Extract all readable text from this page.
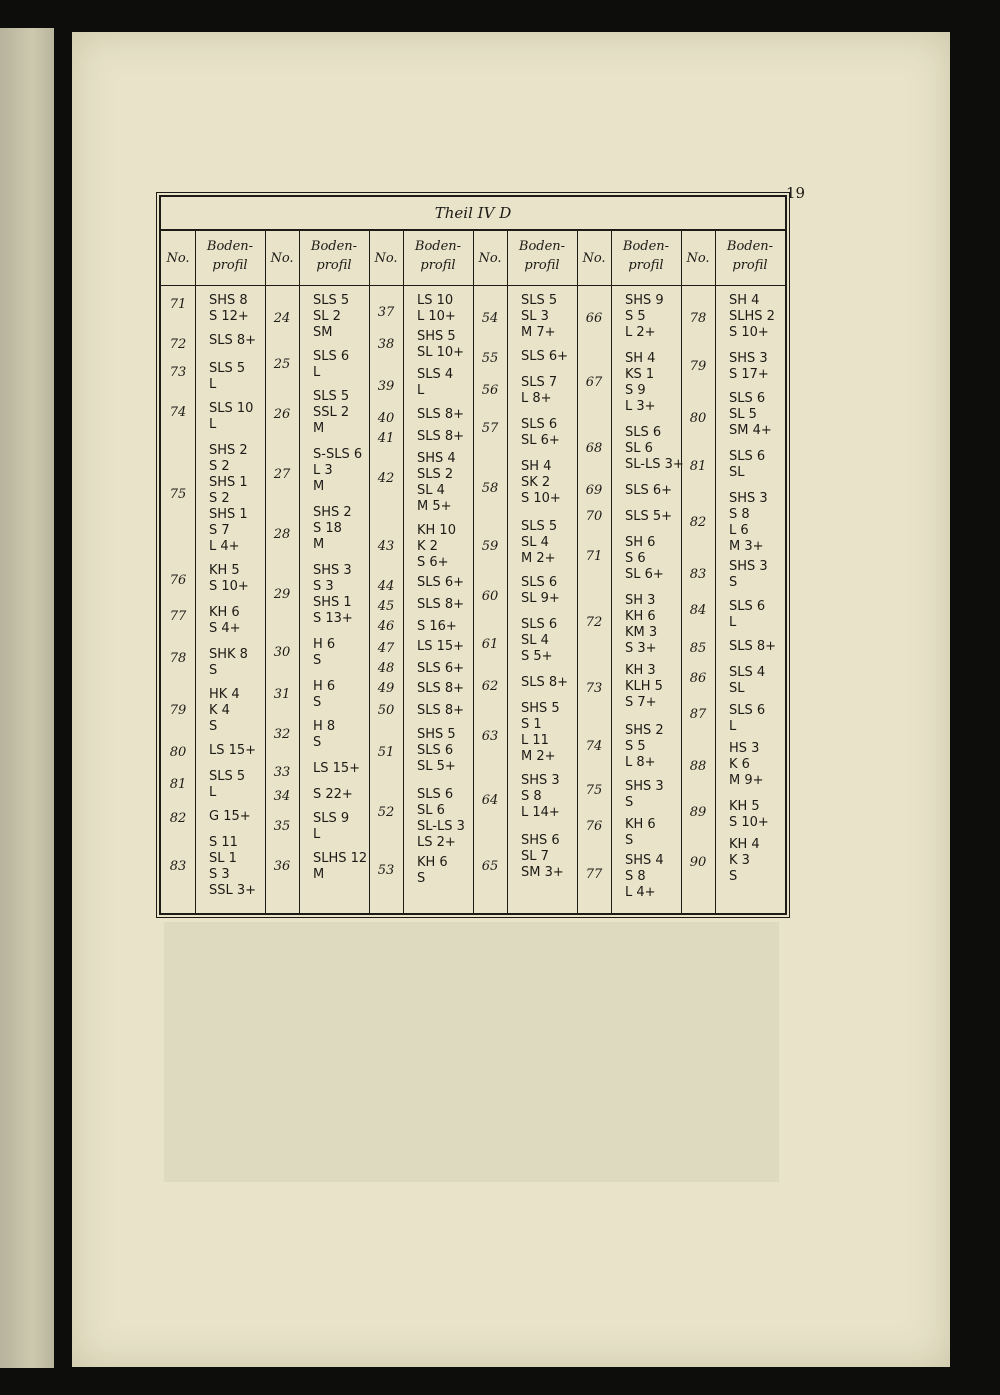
19
Theil IV D
No.
Boden-
profil
71
72
73
74
75
76
77
78
79
80
81
82
83
SHS 8
S 12+
SLS 8+
SLS 5
L
SLS 10
L
SHS 2
S 2
SHS 1
S 2
SHS 1
S 7
L 4+
KH 5
S 10+
KH 6
S 4+
SHK 8
S
HK 4
K 4
S
LS 15+
SLS 5
L
G 15+
S 11
SL 1
S 3
SSL 3+
No.
Boden-
profil
24
25
26
27
28
29
30
31
32
33
34
35
36
SLS 5
SL 2
SM
SLS 6
L
SLS 5
SSL 2
M
S-SLS 6
L 3
M
SHS 2
S 18
M
SHS 3
S 3
SHS 1
S 13+
H 6
S
H 6
S
H 8
S
LS 15+
S 22+
SLS 9
L
SLHS 12
M
No.
Boden-
profil
37
38
39
40
41
42
43
44
45
46
47
48
49
50
51
52
53
LS 10
L 10+
SHS 5
SL 10+
SLS 4
L
SLS 8+
SLS 8+
SHS 4
SLS 2
SL 4
M 5+
KH 10
K 2
S 6+
SLS 6+
SLS 8+
S 16+
LS 15+
SLS 6+
SLS 8+
SLS 8+
SHS 5
SLS 6
SL 5+
SLS 6
SL 6
SL-LS 3
LS 2+
KH 6
S
No.
Boden-
profil
54
55
56
57
58
59
60
61
62
63
64
65
SLS 5
SL 3
M 7+
SLS 6+
SLS 7
L 8+
SLS 6
SL 6+
SH 4
SK 2
S 10+
SLS 5
SL 4
M 2+
SLS 6
SL 9+
SLS 6
SL 4
S 5+
SLS 8+
SHS 5
S 1
L 11
M 2+
SHS 3
S 8
L 14+
SHS 6
SL 7
SM 3+
No.
Boden-
profil
66
67
68
69
70
71
72
73
74
75
76
77
SHS 9
S 5
L 2+
SH 4
KS 1
S 9
L 3+
SLS 6
SL 6
SL-LS 3+
SLS 6+
SLS 5+
SH 6
S 6
SL 6+
SH 3
KH 6
KM 3
S 3+
KH 3
KLH 5
S 7+
SHS 2
S 5
L 8+
SHS 3
S
KH 6
S
SHS 4
S 8
L 4+
No.
Boden-
profil
78
79
80
81
82
83
84
85
86
87
88
89
90
SH 4
SLHS 2
S 10+
SHS 3
S 17+
SLS 6
SL 5
SM 4+
SLS 6
SL
SHS 3
S 8
L 6
M 3+
SHS 3
S
SLS 6
L
SLS 8+
SLS 4
SL
SLS 6
L
HS 3
K 6
M 9+
KH 5
S 10+
KH 4
K 3
S
